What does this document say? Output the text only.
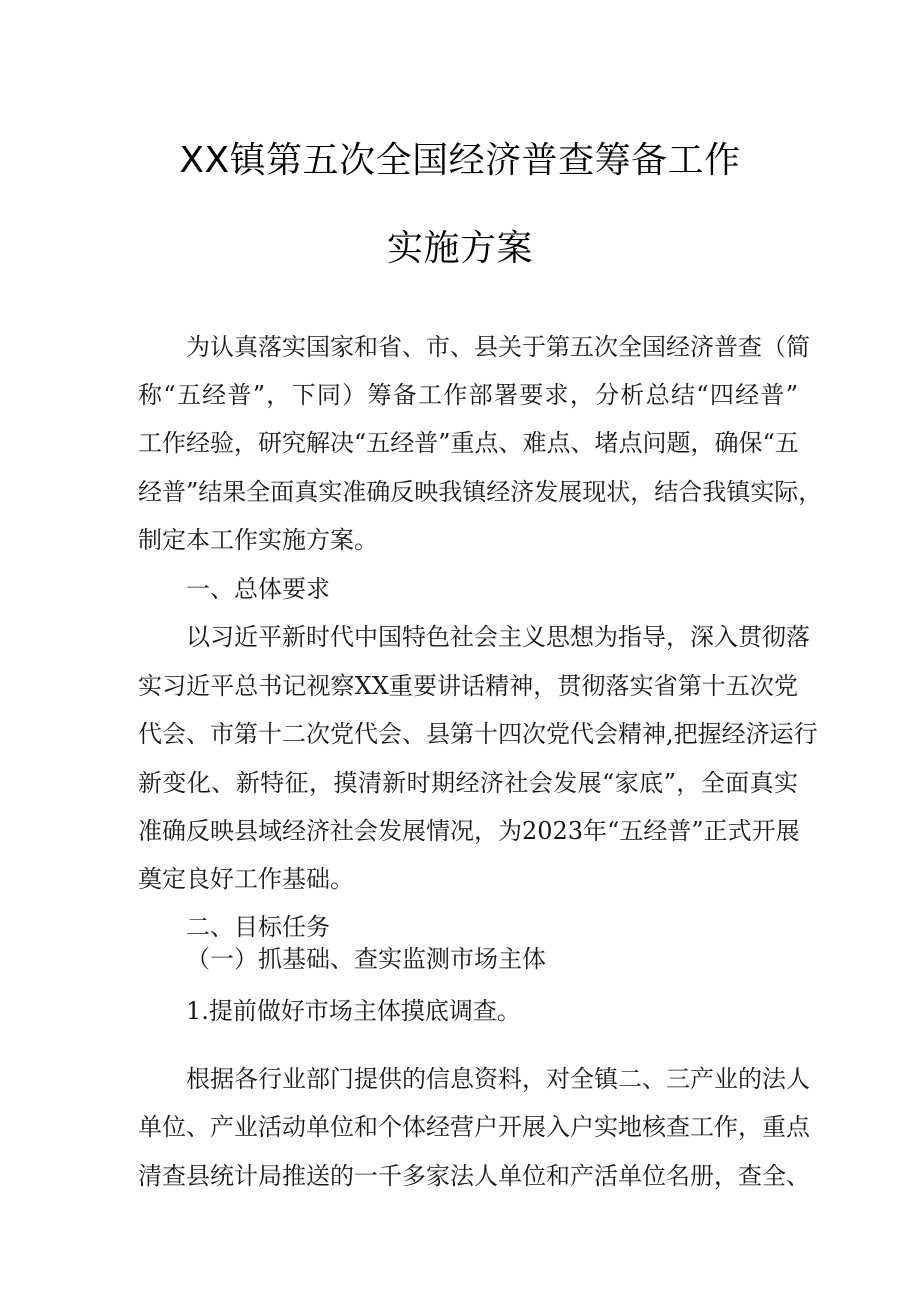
XX镇第五次全国经济普查筹备工作
实施方案
为认真落实国家和省、市、县关于第五次全国经济普查（简
称“五经普”，下同）筹备工作部署要求，分析总结“四经普”
工作经验，研究解决“五经普”重点、难点、堵点问题，确保“五
经普”结果全面真实准确反映我镇经济发展现状，结合我镇实际，
制定本工作实施方案。
一、总体要求
以习近平新时代中国特色社会主义思想为指导，深入贯彻落
实习近平总书记视察XX重要讲话精神，贯彻落实省第十五次党
代会、市第十二次党代会、县第十四次党代会精神,把握经济运行
新变化、新特征，摸清新时期经济社会发展“家底”，全面真实
准确反映县域经济社会发展情况，为2023年“五经普”正式开展
奠定良好工作基础。
二、目标任务
（一）抓基础、查实监测市场主体
1.提前做好市场主体摸底调查。
根据各行业部门提供的信息资料，对全镇二、三产业的法人
单位、产业活动单位和个体经营户开展入户实地核查工作，重点
清查县统计局推送的一千多家法人单位和产活单位名册，查全、
